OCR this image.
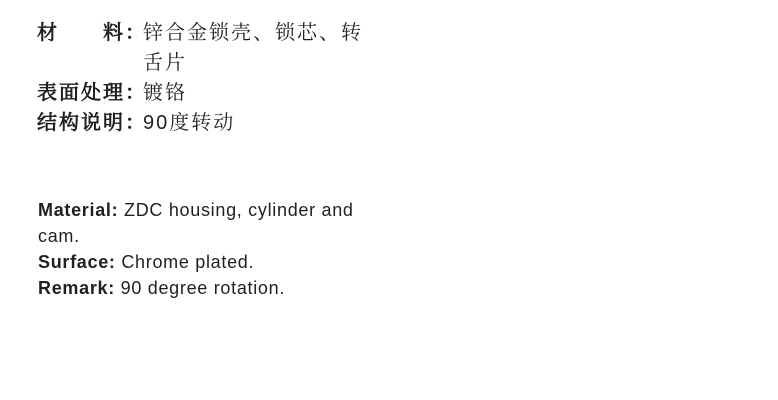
材　　料：
锌合金锁壳、锁芯、转舌片
表面处理：
镀铬
结构说明：
90度转动

Material: ZDC housing, cylinder and cam.

Surface: Chrome plated.

Remark: 90 degree rotation.
